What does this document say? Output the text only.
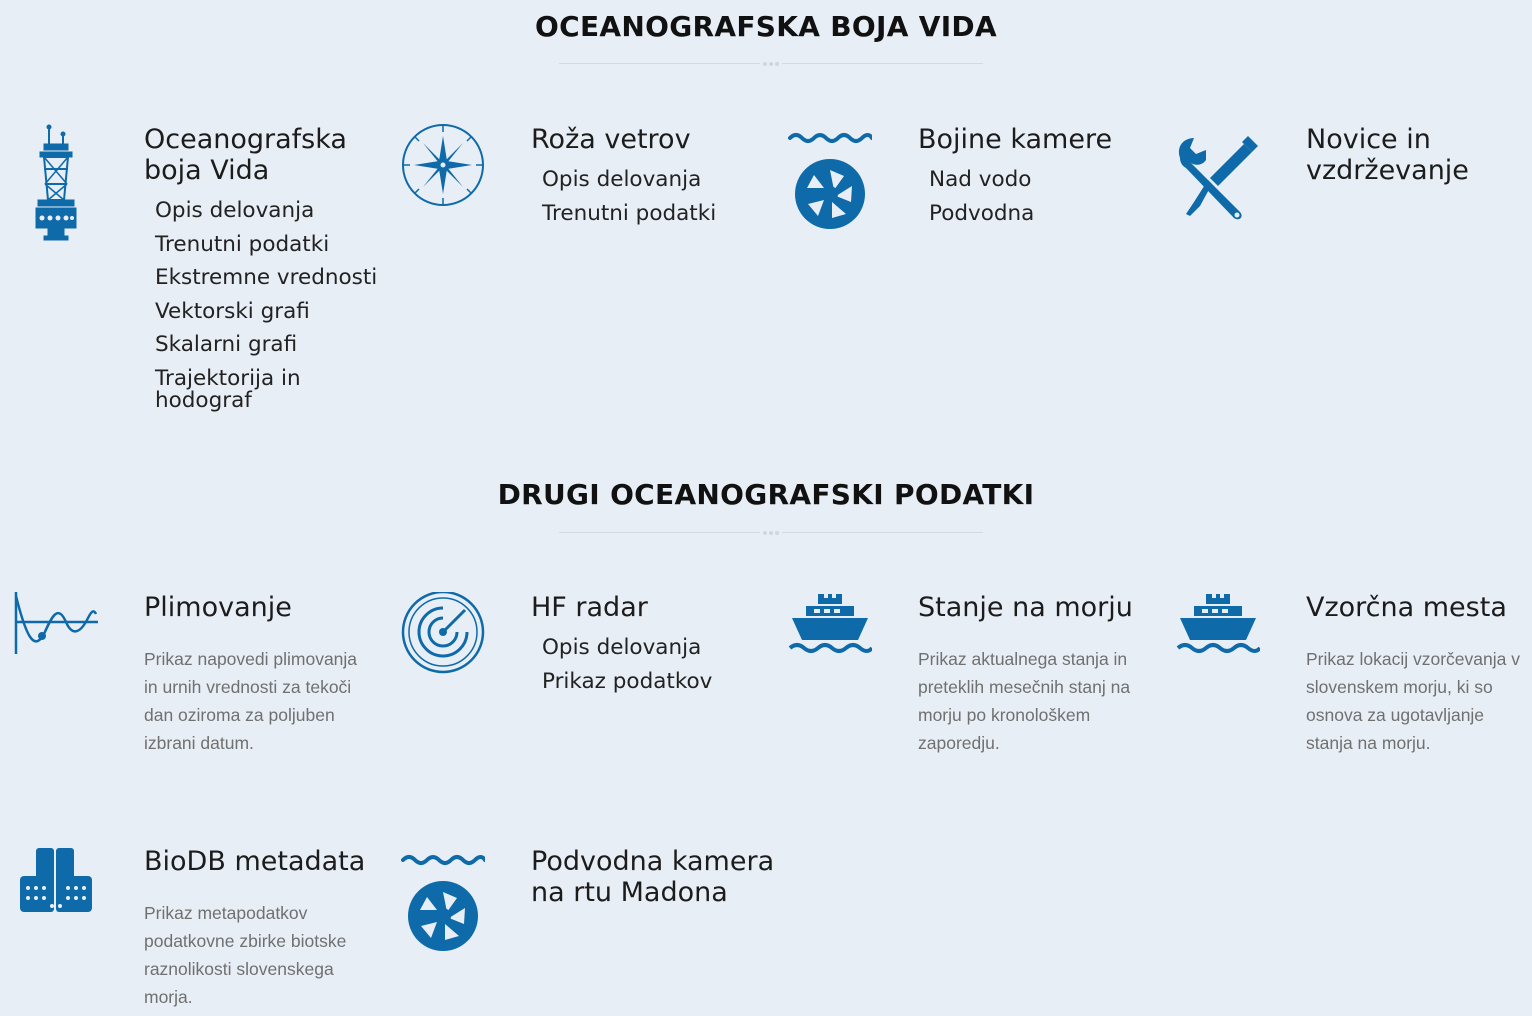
OCEANOGRAFSKA BOJA VIDA
Oceanografska boja Vida
Opis delovanja
Trenutni podatki
Ekstremne vrednosti
Vektorski grafi
Skalarni grafi
Trajektorija in hodograf
Roža vetrov
Opis delovanja
Trenutni podatki
Bojine kamere
Nad vodo
Podvodna
Novice in vzdrževanje
DRUGI OCEANOGRAFSKI PODATKI
Plimovanje

Prikaz napovedi plimovanja in urnih vrednosti za tekoči dan oziroma za poljuben izbrani datum.

HF radar
Opis delovanja
Prikaz podatkov
Stanje na morju

Prikaz aktualnega stanja in preteklih mesečnih stanj na morju po kronološkem zaporedju.

Vzorčna mesta

Prikaz lokacij vzorčevanja v slovenskem morju, ki so osnova za ugotavljanje stanja na morju.

BioDB metadata

Prikaz metapodatkov podatkovne zbirke biotske raznolikosti slovenskega morja.

Podvodna kamera na rtu Madona
